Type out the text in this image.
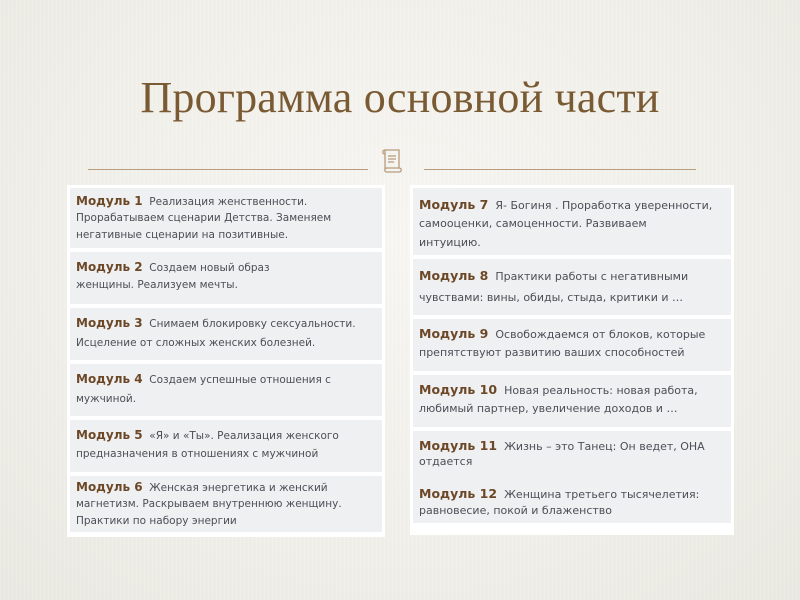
Программа основной части
Модуль 1 Реализация женственности.
Прорабатываем сценарии Детства. Заменяем
негативные сценарии на позитивные.
Модуль 2 Создаем новый образ
женщины. Реализуем мечты.
Модуль 3 Снимаем блокировку сексуальности.
Исцеление от сложных женских болезней.
Модуль 4 Создаем успешные отношения с
мужчиной.
Модуль 5 «Я» и «Ты». Реализация женского
предназначения в отношениях с мужчиной
Модуль 6 Женская энергетика и женский
магнетизм. Раскрываем внутреннюю женщину.
Практики по набору энергии
Модуль 7 Я- Богиня . Проработка уверенности,
самооценки, самоценности. Развиваем
интуицию.
Модуль 8 Практики работы с негативными
чувствами: вины, обиды, стыда, критики и …
Модуль 9 Освобождаемся от блоков, которые
препятствуют развитию ваших способностей
Модуль 10 Новая реальность: новая работа,
любимый партнер, увеличение доходов и …
Модуль 11 Жизнь – это Танец: Он ведет, ОНА
отдается
Модуль 12 Женщина третьего тысячелетия:
равновесие, покой и блаженство
